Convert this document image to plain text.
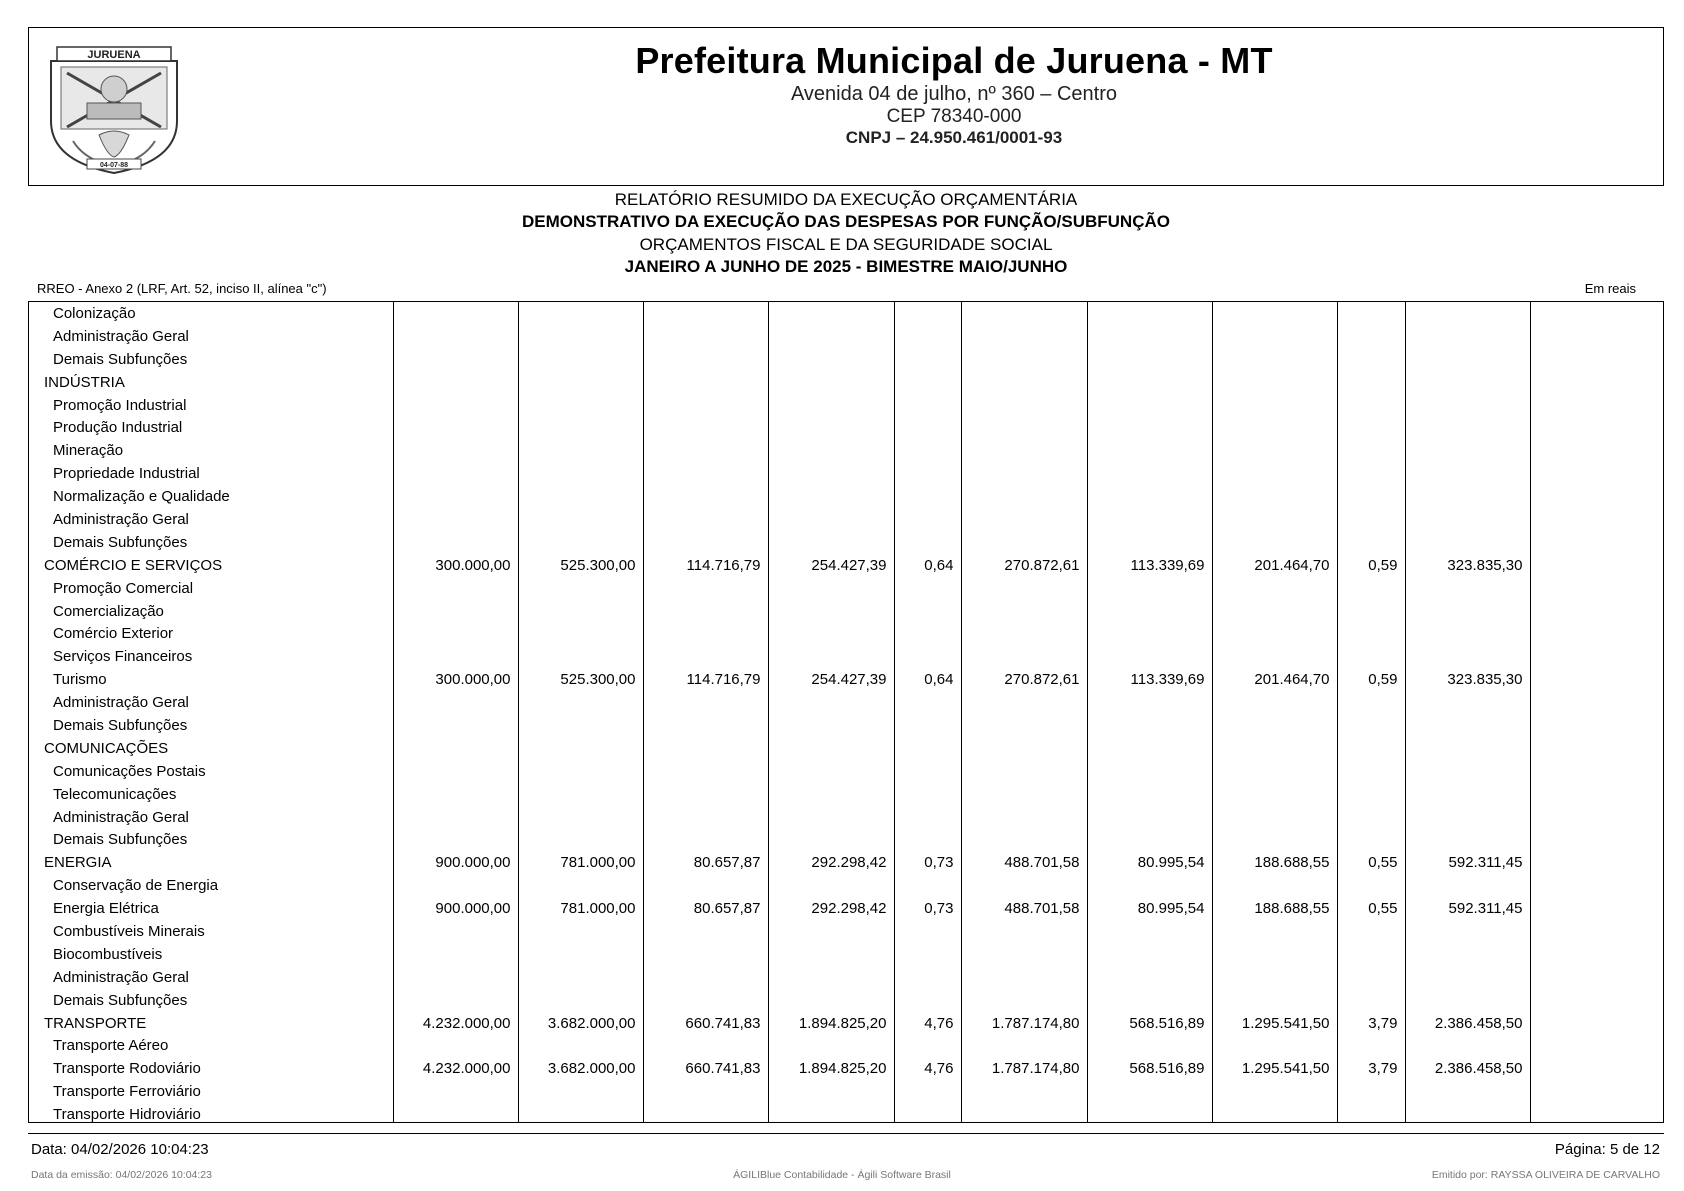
JURUENA
04-07-88
Prefeitura Municipal de Juruena - MT
Avenida 04 de julho, nº 360 – Centro
CEP 78340-000
CNPJ – 24.950.461/0001-93
RELATÓRIO RESUMIDO DA EXECUÇÃO ORÇAMENTÁRIA
DEMONSTRATIVO DA EXECUÇÃO DAS DESPESAS POR FUNÇÃO/SUBFUNÇÃO
ORÇAMENTOS FISCAL E DA SEGURIDADE SOCIAL
JANEIRO A JUNHO DE 2025 - BIMESTRE MAIO/JUNHO
RREO - Anexo 2 (LRF, Art. 52, inciso II, alínea "c")	Em reais
Colonização											
Administração Geral											
Demais Subfunções											
INDÚSTRIA											
Promoção Industrial											
Produção Industrial											
Mineração											
Propriedade Industrial											
Normalização e Qualidade											
Administração Geral											
Demais Subfunções											
COMÉRCIO E SERVIÇOS	300.000,00	525.300,00	114.716,79	254.427,39	0,64	270.872,61	113.339,69	201.464,70	0,59	323.835,30	
Promoção Comercial											
Comercialização											
Comércio Exterior											
Serviços Financeiros											
Turismo	300.000,00	525.300,00	114.716,79	254.427,39	0,64	270.872,61	113.339,69	201.464,70	0,59	323.835,30	
Administração Geral											
Demais Subfunções											
COMUNICAÇÕES											
Comunicações Postais											
Telecomunicações											
Administração Geral											
Demais Subfunções											
ENERGIA	900.000,00	781.000,00	80.657,87	292.298,42	0,73	488.701,58	80.995,54	188.688,55	0,55	592.311,45	
Conservação de Energia											
Energia Elétrica	900.000,00	781.000,00	80.657,87	292.298,42	0,73	488.701,58	80.995,54	188.688,55	0,55	592.311,45	
Combustíveis Minerais											
Biocombustíveis											
Administração Geral											
Demais Subfunções											
TRANSPORTE	4.232.000,00	3.682.000,00	660.741,83	1.894.825,20	4,76	1.787.174,80	568.516,89	1.295.541,50	3,79	2.386.458,50	
Transporte Aéreo											
Transporte Rodoviário	4.232.000,00	3.682.000,00	660.741,83	1.894.825,20	4,76	1.787.174,80	568.516,89	1.295.541,50	3,79	2.386.458,50	
Transporte Ferroviário											
Transporte Hidroviário											
Data: 04/02/2026 10:04:23	Página: 5 de 12
Data da emissão: 04/02/2026 10:04:23	ÁGILIBlue Contabilidade - Ágili Software Brasil	Emitido por: RAYSSA OLIVEIRA DE CARVALHO
